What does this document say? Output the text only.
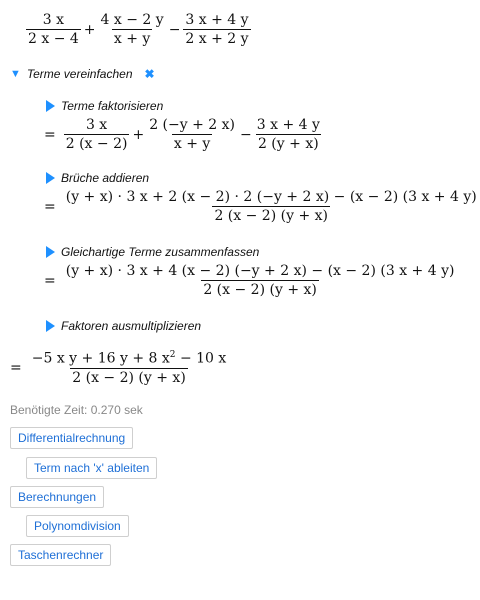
$\frac{3 x}{2 x - 4} + \frac{4 x - 2 y}{x + y} - \frac{3 x + 4 y}{2 x + 2 y}$
▼ Terme vereinfachen ✖
Terme faktorisieren
= $\frac{3 x}{2 (x - 2)} + \frac{2 (-y + 2 x)}{x + y} - \frac{3 x + 4 y}{2 (y + x)}$
Brüche addieren
=
(y + x) · 3 x + 2 (x − 2) · 2 (−y + 2 x) − (x − 2) (3 x + 4 y)
2 (x − 2) (y + x)
Gleichartige Terme zusammenfassen
= $\frac{(y + x) \cdot 3 x + 4 (x - 2) (-y + 2 x) - (x - 2) (3 x + 4 y)}{2 (x - 2) (y + x)}$
Faktoren ausmultiplizieren
= $\frac{-5 x y + 16 y + 8 x^2 - 10 x}{2 (x - 2) (y + x)}$
Benötigte Zeit: 0.270 sek
Differentialrechnung
Term nach 'x' ableiten
Berechnungen
Polynomdivision
Taschenrechner
